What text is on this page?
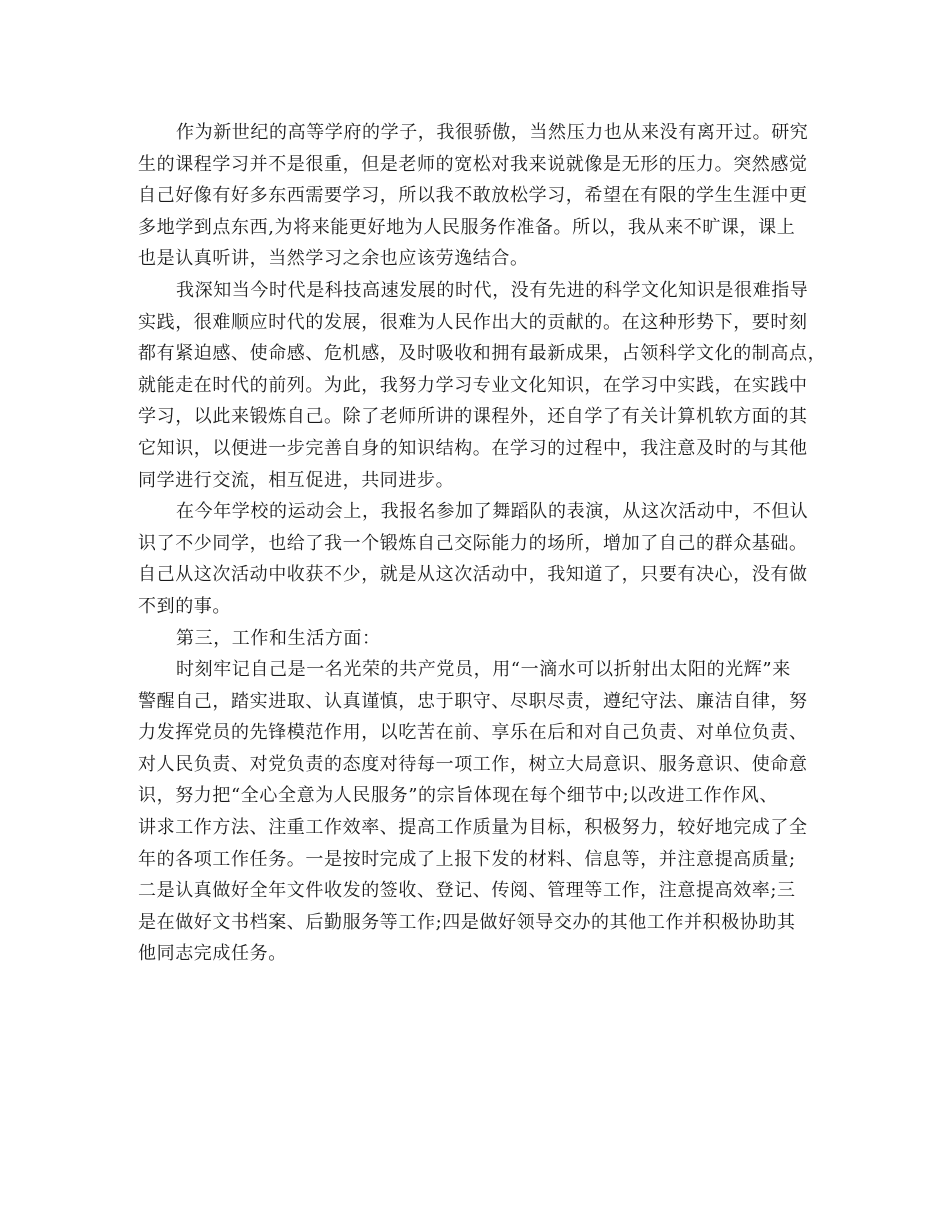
作为新世纪的高等学府的学子，我很骄傲，当然压力也从来没有离开过。研究
生的课程学习并不是很重，但是老师的宽松对我来说就像是无形的压力。突然感觉
自己好像有好多东西需要学习，所以我不敢放松学习，希望在有限的学生生涯中更
多地学到点东西,为将来能更好地为人民服务作准备。所以，我从来不旷课，课上
也是认真听讲，当然学习之余也应该劳逸结合。
我深知当今时代是科技高速发展的时代，没有先进的科学文化知识是很难指导
实践，很难顺应时代的发展，很难为人民作出大的贡献的。在这种形势下，要时刻
都有紧迫感、使命感、危机感，及时吸收和拥有最新成果，占领科学文化的制高点，
就能走在时代的前列。为此，我努力学习专业文化知识，在学习中实践，在实践中
学习，以此来锻炼自己。除了老师所讲的课程外，还自学了有关计算机软方面的其
它知识，以便进一步完善自身的知识结构。在学习的过程中，我注意及时的与其他
同学进行交流，相互促进，共同进步。
在今年学校的运动会上，我报名参加了舞蹈队的表演，从这次活动中，不但认
识了不少同学，也给了我一个锻炼自己交际能力的场所，增加了自己的群众基础。
自己从这次活动中收获不少，就是从这次活动中，我知道了，只要有决心，没有做
不到的事。
第三，工作和生活方面：
时刻牢记自己是一名光荣的共产党员，用“一滴水可以折射出太阳的光辉”来
警醒自己，踏实进取、认真谨慎，忠于职守、尽职尽责，遵纪守法、廉洁自律，努
力发挥党员的先锋模范作用，以吃苦在前、享乐在后和对自己负责、对单位负责、
对人民负责、对党负责的态度对待每一项工作，树立大局意识、服务意识、使命意
识，努力把“全心全意为人民服务”的宗旨体现在每个细节中;以改进工作作风、
讲求工作方法、注重工作效率、提高工作质量为目标，积极努力，较好地完成了全
年的各项工作任务。一是按时完成了上报下发的材料、信息等，并注意提高质量;
二是认真做好全年文件收发的签收、登记、传阅、管理等工作，注意提高效率;三
是在做好文书档案、后勤服务等工作;四是做好领导交办的其他工作并积极协助其
他同志完成任务。
